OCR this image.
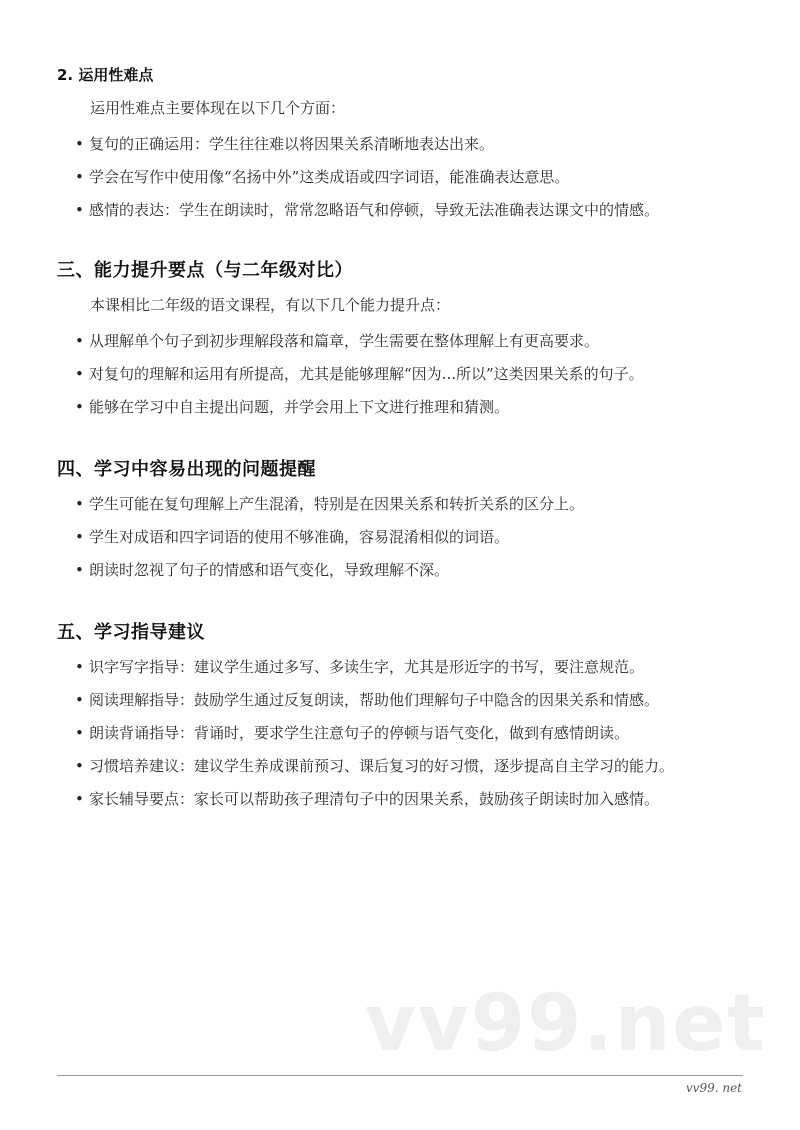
2. 运用性难点

运用性难点主要体现在以下几个方面：

• 复句的正确运用：学生往往难以将因果关系清晰地表达出来。
• 学会在写作中使用像“名扬中外”这类成语或四字词语，能准确表达意思。
• 感情的表达：学生在朗读时，常常忽略语气和停顿，导致无法准确表达课文中的情感。
三、能力提升要点（与二年级对比）

本课相比二年级的语文课程，有以下几个能力提升点：

• 从理解单个句子到初步理解段落和篇章，学生需要在整体理解上有更高要求。
• 对复句的理解和运用有所提高，尤其是能够理解“因为...所以”这类因果关系的句子。
• 能够在学习中自主提出问题，并学会用上下文进行推理和猜测。
四、学习中容易出现的问题提醒
• 学生可能在复句理解上产生混淆，特别是在因果关系和转折关系的区分上。
• 学生对成语和四字词语的使用不够准确，容易混淆相似的词语。
• 朗读时忽视了句子的情感和语气变化，导致理解不深。
五、学习指导建议
• 识字写字指导：建议学生通过多写、多读生字，尤其是形近字的书写，要注意规范。
• 阅读理解指导：鼓励学生通过反复朗读，帮助他们理解句子中隐含的因果关系和情感。
• 朗读背诵指导：背诵时，要求学生注意句子的停顿与语气变化，做到有感情朗读。
• 习惯培养建议：建议学生养成课前预习、课后复习的好习惯，逐步提高自主学习的能力。
• 家长辅导要点：家长可以帮助孩子理清句子中的因果关系，鼓励孩子朗读时加入感情。
vv99.net
vv99. net
